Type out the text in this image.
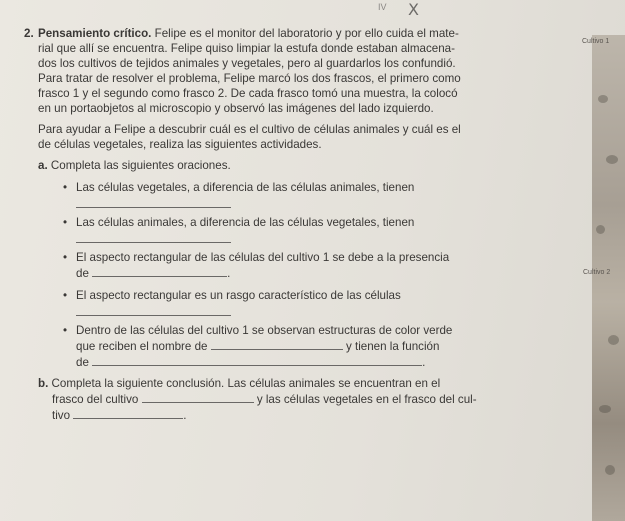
X
IV
Cultivo 1
Cultivo 2
2. Pensamiento crítico. Felipe es el monitor del laboratorio y por ello cuida el mate-
rial que allí se encuentra. Felipe quiso limpiar la estufa donde estaban almacena-
dos los cultivos de tejidos animales y vegetales, pero al guardarlos los confundió.
Para tratar de resolver el problema, Felipe marcó los dos frascos, el primero como
frasco 1 y el segundo como frasco 2. De cada frasco tomó una muestra, la colocó
en un portaobjetos al microscopio y observó las imágenes del lado izquierdo.
Para ayudar a Felipe a descubrir cuál es el cultivo de células animales y cuál es el
de células vegetales, realiza las siguientes actividades.
a. Completa las siguientes oraciones.
• Las células vegetales, a diferencia de las células animales, tienen
• Las células animales, a diferencia de las células vegetales, tienen
• El aspecto rectangular de las células del cultivo 1 se debe a la presencia
de	.
• El aspecto rectangular es un rasgo característico de las células
• Dentro de las células del cultivo 1 se observan estructuras de color verde
que reciben el nombre de	y tienen la función
de	.
b. Completa la siguiente conclusión. Las células animales se encuentran en el
frasco del cultivo	y las células vegetales en el frasco del cul-
tivo	.
